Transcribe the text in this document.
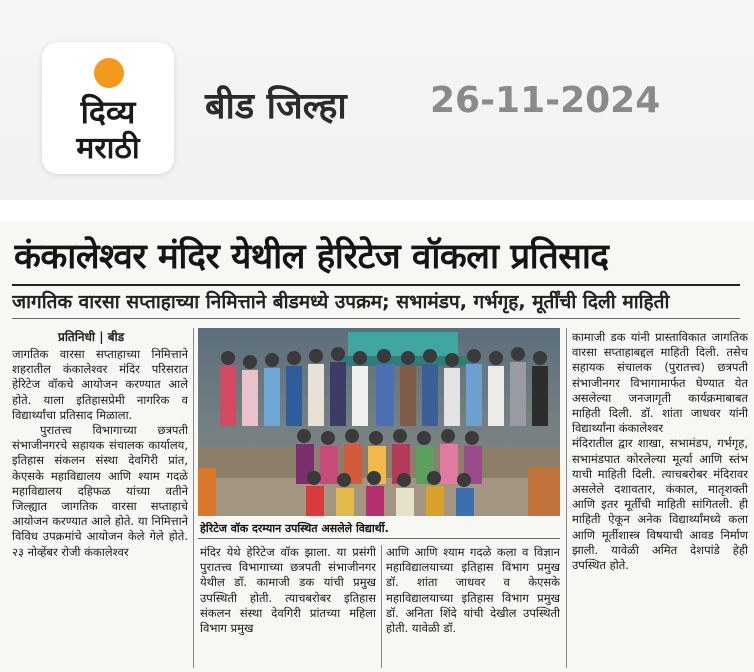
दिव्य
मराठी
बीड जिल्हा 26-11-2024
कंकालेश्वर मंदिर येथील हेरिटेज वॉकला प्रतिसाद
जागतिक वारसा सप्ताहाच्या निमित्ताने बीडमध्ये उपक्रम; सभामंडप, गर्भगृह, मूर्तींची दिली माहिती
प्रतिनिधी | बीड

जागतिक वारसा सप्ताहाच्या निमित्ताने शहरातील कंकालेश्वर मंदिर परिसरात हेरिटेज वॉकचे आयोजन करण्यात आले होते. याला इतिहासप्रेमी नागरिक व विद्यार्थ्यांचा प्रतिसाद मिळाला.

पुरातत्त्व विभागाच्या छत्रपती संभाजीनगरचे सहायक संचालक कार्यालय, इतिहास संकलन संस्था देवगिरी प्रांत, केएसके महाविद्यालय आणि श्याम गदळे महाविद्यालय दहिफळ यांच्या वतीने जिल्ह्यात जागतिक वारसा सप्ताहाचे आयोजन करण्यात आले होते. या निमित्ताने विविध उपक्रमांचे आयोजन केले गेले होते. २३ नोव्हेंबर रोजी कंकालेश्वर

हेरिटेज वॉक दरम्यान उपस्थित असलेले विद्यार्थी.

मंदिर येथे हेरिटेज वॉक झाला. या प्रसंगी पुरातत्त्व विभागाच्या छत्रपती संभाजीनगर येथील डॉ. कामाजी डक यांची प्रमुख उपस्थिती होती. त्याचबरोबर इतिहास संकलन संस्था देवगिरी प्रांतच्या महिला विभाग प्रमुख

आणि आणि श्याम गदळे कला व विज्ञान महाविद्यालयाच्या इतिहास विभाग प्रमुख डॉ. शांता जाधवर व केएसके महाविद्यालयाच्या इतिहास विभाग प्रमुख डॉ. अनिता शिंदे यांची देखील उपस्थिती होती. यावेळी डॉ.

कामाजी डक यांनी प्रास्ताविकात जागतिक वारसा सप्ताहाबद्दल माहिती दिली. तसेच सहायक संचालक (पुरातत्त्व) छत्रपती संभाजीनगर विभागामार्फत घेण्यात येत असलेल्या जनजागृती कार्यक्रमाबाबत माहिती दिली. डॉ. शांता जाधवर यांनी विद्यार्थ्यांना कंकालेश्वर

मंदिरातील द्वार शाखा, सभामंडप, गर्भगृह, सभामंडपात कोरलेल्या मूर्त्या आणि स्तंभ याची माहिती दिली. त्याचबरोबर मंदिरावर असलेले दशावतार, कंकाल, मातृशक्ती आणि इतर मूर्तींची माहिती सांगितली. ही माहिती ऐकून अनेक विद्यार्थ्यांमध्ये कला आणि मूर्तीशास्त्र विषयाची आवड निर्माण झाली. यावेळी अमित देशपांडे हेही उपस्थित होते.
